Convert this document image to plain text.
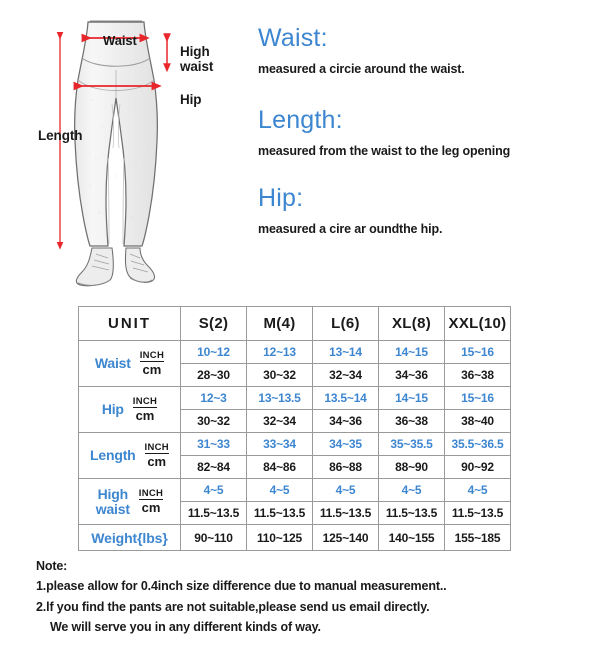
Waist
High
waist
Hip
Length
Waist:
measured a circie around the waist.
Length:
measured from the waist to the leg opening
Hip:
measured a cire ar oundthe hip.
UNIT	S(2)	M(4)	L(6)	XL(8)	XXL(10)

Waist $\frac{\text{INCH}}{cm}$	10~12	12~13	13~14	14~15	15~16
	28~30	30~32	32~34	34~36	36~38

Hip $\frac{\text{INCH}}{cm}$	12~3	13~13.5	13.5~14	14~15	15~16
	30~32	32~34	34~36	36~38	38~40

Length $\frac{\text{INCH}}{cm}$	31~33	33~34	34~35	35~35.5	35.5~36.5
	82~84	84~86	86~88	88~90	90~92

High
waist $\frac{\text{INCH}}{cm}$	4~5	4~5	4~5	4~5	4~5
	11.5~13.5	11.5~13.5	11.5~13.5	11.5~13.5	11.5~13.5
Weight{lbs}	90~110	110~125	125~140	140~155	155~185
Note:
1.please allow for 0.4inch size difference due to manual measurement..
2.lf you find the pants are not suitable,please send us email directly.
We will serve you in any different kinds of way.
